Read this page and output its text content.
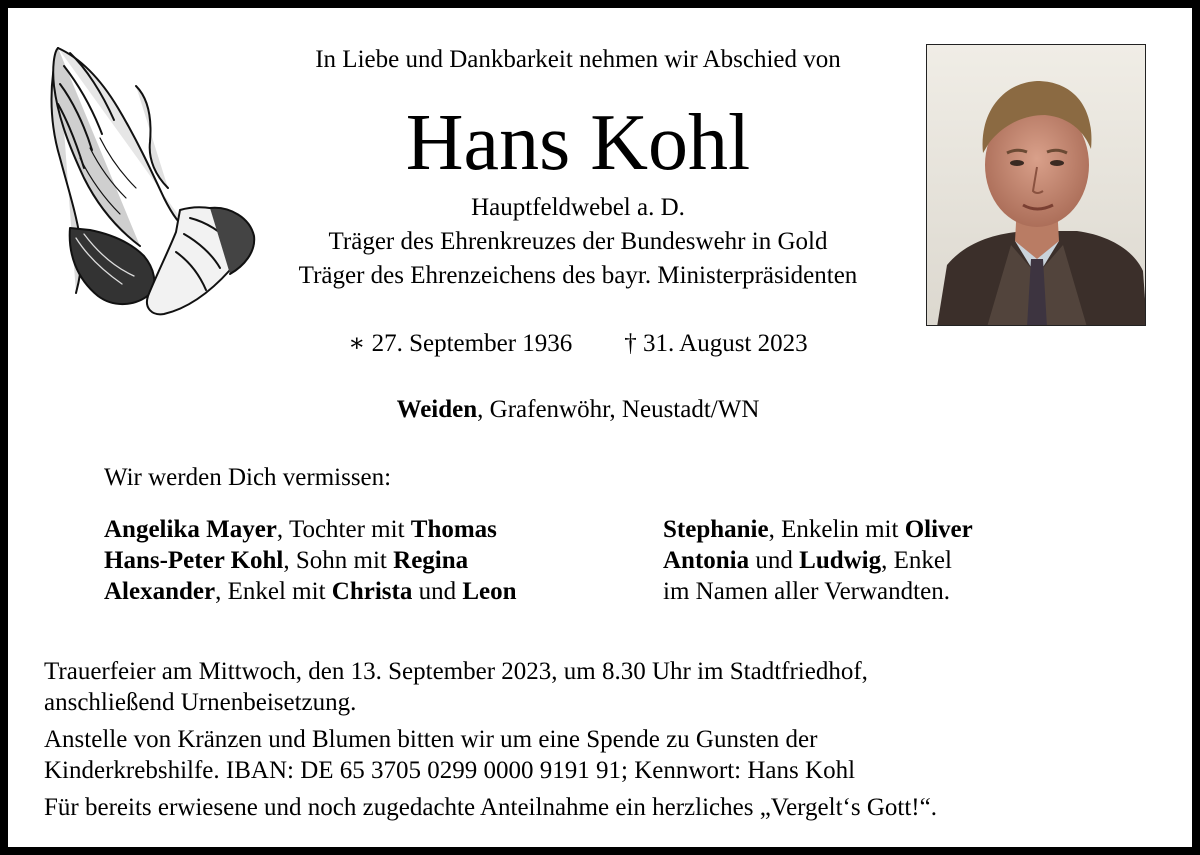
In Liebe und Dankbarkeit nehmen wir Abschied von
Hans Kohl
Hauptfeldwebel a. D.
Träger des Ehrenkreuzes der Bundeswehr in Gold
Träger des Ehrenzeichens des bayr. Ministerpräsidenten
∗ 27. September 1936 † 31. August 2023
Weiden, Grafenwöhr, Neustadt/WN
Wir werden Dich vermissen:
Angelika Mayer, Tochter mit Thomas
Hans-Peter Kohl, Sohn mit Regina
Alexander, Enkel mit Christa und Leon
Stephanie, Enkelin mit Oliver
Antonia und Ludwig, Enkel
im Namen aller Verwandten.
Trauerfeier am Mittwoch, den 13. September 2023, um 8.30 Uhr im Stadtfriedhof,
anschließend Urnenbeisetzung.
Anstelle von Kränzen und Blumen bitten wir um eine Spende zu Gunsten der
Kinderkrebshilfe. IBAN: DE 65 3705 0299 0000 9191 91; Kennwort: Hans Kohl
Für bereits erwiesene und noch zugedachte Anteilnahme ein herzliches „Vergelt‘s Gott!“.
